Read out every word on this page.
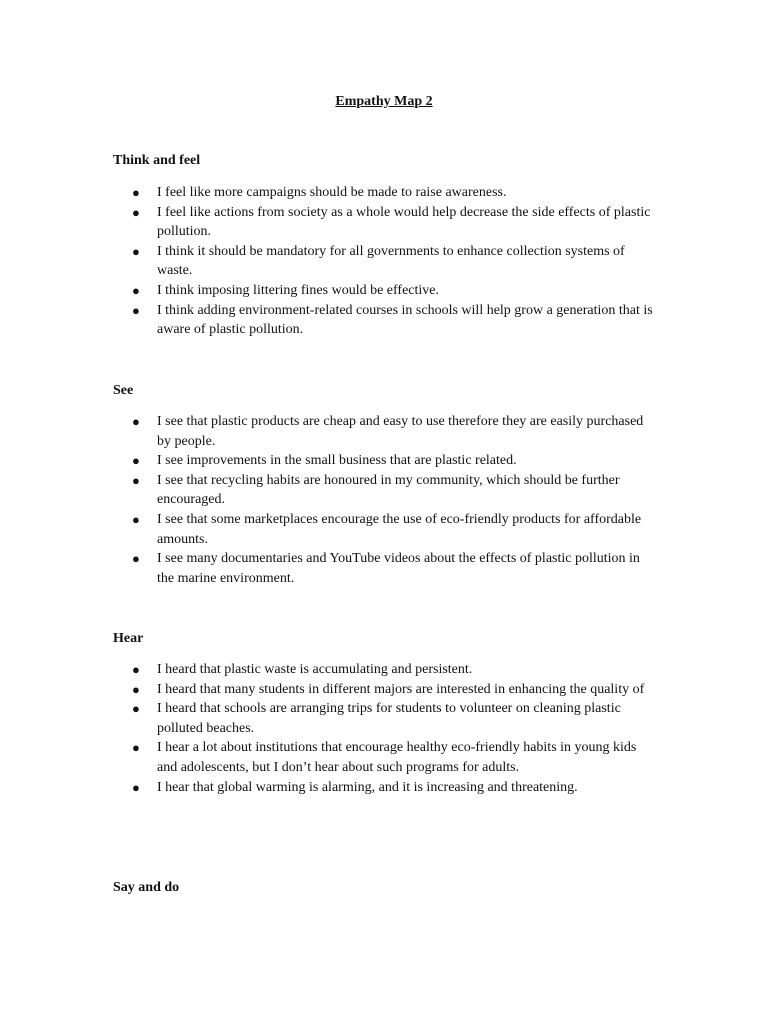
Empathy Map 2
Think and feel
● I feel like more campaigns should be made to raise awareness.
● I feel like actions from society as a whole would help decrease the side effects of plastic pollution.
● I think it should be mandatory for all governments to enhance collection systems of waste.
● I think imposing littering fines would be effective.
● I think adding environment-related courses in schools will help grow a generation that is aware of plastic pollution.
See
● I see that plastic products are cheap and easy to use therefore they are easily purchased by people.
● I see improvements in the small business that are plastic related.
● I see that recycling habits are honoured in my community, which should be further encouraged.
● I see that some marketplaces encourage the use of eco-friendly products for affordable amounts.
● I see many documentaries and YouTube videos about the effects of plastic pollution in the marine environment.
Hear
● I heard that plastic waste is accumulating and persistent.
● I heard that many students in different majors are interested in enhancing the quality of
● I heard that schools are arranging trips for students to volunteer on cleaning plastic polluted beaches.
● I hear a lot about institutions that encourage healthy eco-friendly habits in young kids and adolescents, but I don’t hear about such programs for adults.
● I hear that global warming is alarming, and it is increasing and threatening.
Say and do
